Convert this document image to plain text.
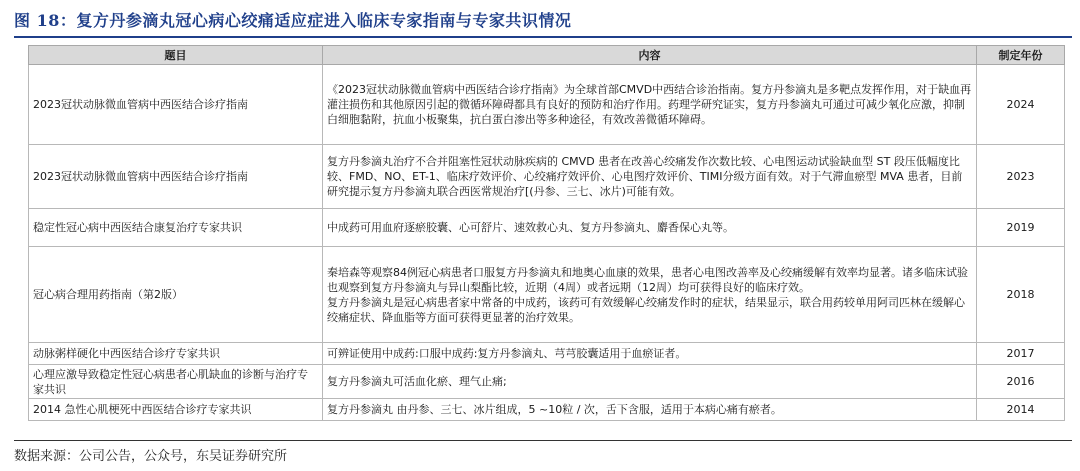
图 18：复方丹参滴丸冠心病心绞痛适应症进入临床专家指南与专家共识情况
题目	内容	制定年份
2023冠状动脉微血管病中西医结合诊疗指南	《2023冠状动脉微血管病中西医结合诊疗指南》为全球首部CMVD中西结合诊治指南。复方丹参滴丸是多靶点发挥作用，对于缺血再灌注损伤和其他原因引起的微循环障碍都具有良好的预防和治疗作用。药理学研究证实，复方丹参滴丸可通过可减少氧化应激，抑制白细胞黏附，抗血小板聚集，抗白蛋白渗出等多种途径，有效改善微循环障碍。	2024
2023冠状动脉微血管病中西医结合诊疗指南	复方丹参滴丸治疗不合并阻塞性冠状动脉疾病的 CMVD 患者在改善心绞痛发作次数比较、心电图运动试验缺血型 ST 段压低幅度比较、FMD、NO、ET-1、临床疗效评价、心绞痛疗效评价、心电图疗效评价、TIMI分级方面有效。对于气滞血瘀型 MVA 患者，目前研究提示复方丹参滴丸联合西医常规治疗[(丹参、三七、冰片)可能有效。	2023
稳定性冠心病中西医结合康复治疗专家共识	中成药可用血府逐瘀胶囊、心可舒片、速效救心丸、复方丹参滴丸、麝香保心丸等。	2019
冠心病合理用药指南（第2版）	秦培森等观察84例冠心病患者口服复方丹参滴丸和地奥心血康的效果，患者心电图改善率及心绞痛缓解有效率均显著。诸多临床试验也观察到复方丹参滴丸与异山梨酯比较，近期（4周）或者远期（12周）均可获得良好的临床疗效。
复方丹参滴丸是冠心病患者家中常备的中成药，该药可有效缓解心绞痛发作时的症状，结果显示，联合用药较单用阿司匹林在缓解心绞痛症状、降血脂等方面可获得更显著的治疗效果。	2018
动脉粥样硬化中西医结合诊疗专家共识	可辨证使用中成药:口服中成药:复方丹参滴丸、芎芎胶囊适用于血瘀证者。	2017
心理应激导致稳定性冠心病患者心肌缺血的诊断与治疗专家共识	复方丹参滴丸可活血化瘀、理气止痛;	2016
2014 急性心肌梗死中西医结合诊疗专家共识	复方丹参滴丸 由丹参、三七、冰片组成，5 ~10粒 / 次，舌下含服，适用于本病心痛有瘀者。	2014
数据来源：公司公告，公众号，东吴证券研究所
